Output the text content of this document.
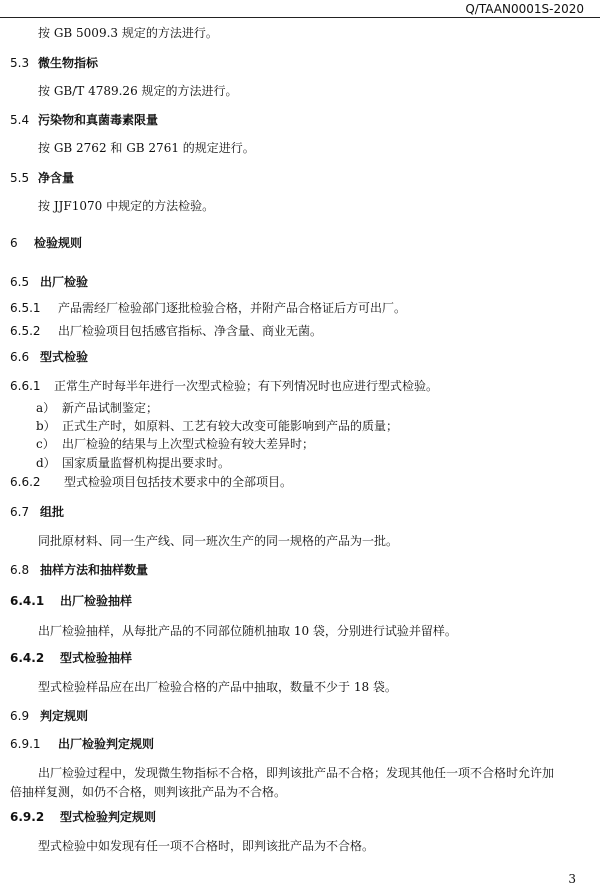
Q/TAAN0001S-2020
按 GB 5009.3 规定的方法进行。
5.3 微生物指标
按 GB/T 4789.26 规定的方法进行。
5.4 污染物和真菌毒素限量
按 GB 2762 和 GB 2761 的规定进行。
5.5 净含量
按 JJF1070 中规定的方法检验。
6 检验规则
6.5 出厂检验
6.5.1 产品需经厂检验部门逐批检验合格，并附产品合格证后方可出厂。
6.5.2 出厂检验项目包括感官指标、净含量、商业无菌。
6.6 型式检验
6.6.1 正常生产时每半年进行一次型式检验；有下列情况时也应进行型式检验。
a） 新产品试制鉴定；
b） 正式生产时，如原料、工艺有较大改变可能影响到产品的质量；
c） 出厂检验的结果与上次型式检验有较大差异时；
d） 国家质量监督机构提出要求时。
6.6.2 型式检验项目包括技术要求中的全部项目。
6.7 组批
同批原材料、同一生产线、同一班次生产的同一规格的产品为一批。
6.8 抽样方法和抽样数量
6.4.1 出厂检验抽样
出厂检验抽样，从每批产品的不同部位随机抽取 10 袋，分别进行试验并留样。
6.4.2 型式检验抽样
型式检验样品应在出厂检验合格的产品中抽取，数量不少于 18 袋。
6.9 判定规则
6.9.1 出厂检验判定规则
出厂检验过程中，发现微生物指标不合格，即判该批产品不合格；发现其他任一项不合格时允许加
倍抽样复测，如仍不合格，则判该批产品为不合格。
6.9.2 型式检验判定规则
型式检验中如发现有任一项不合格时，即判该批产品为不合格。
3
